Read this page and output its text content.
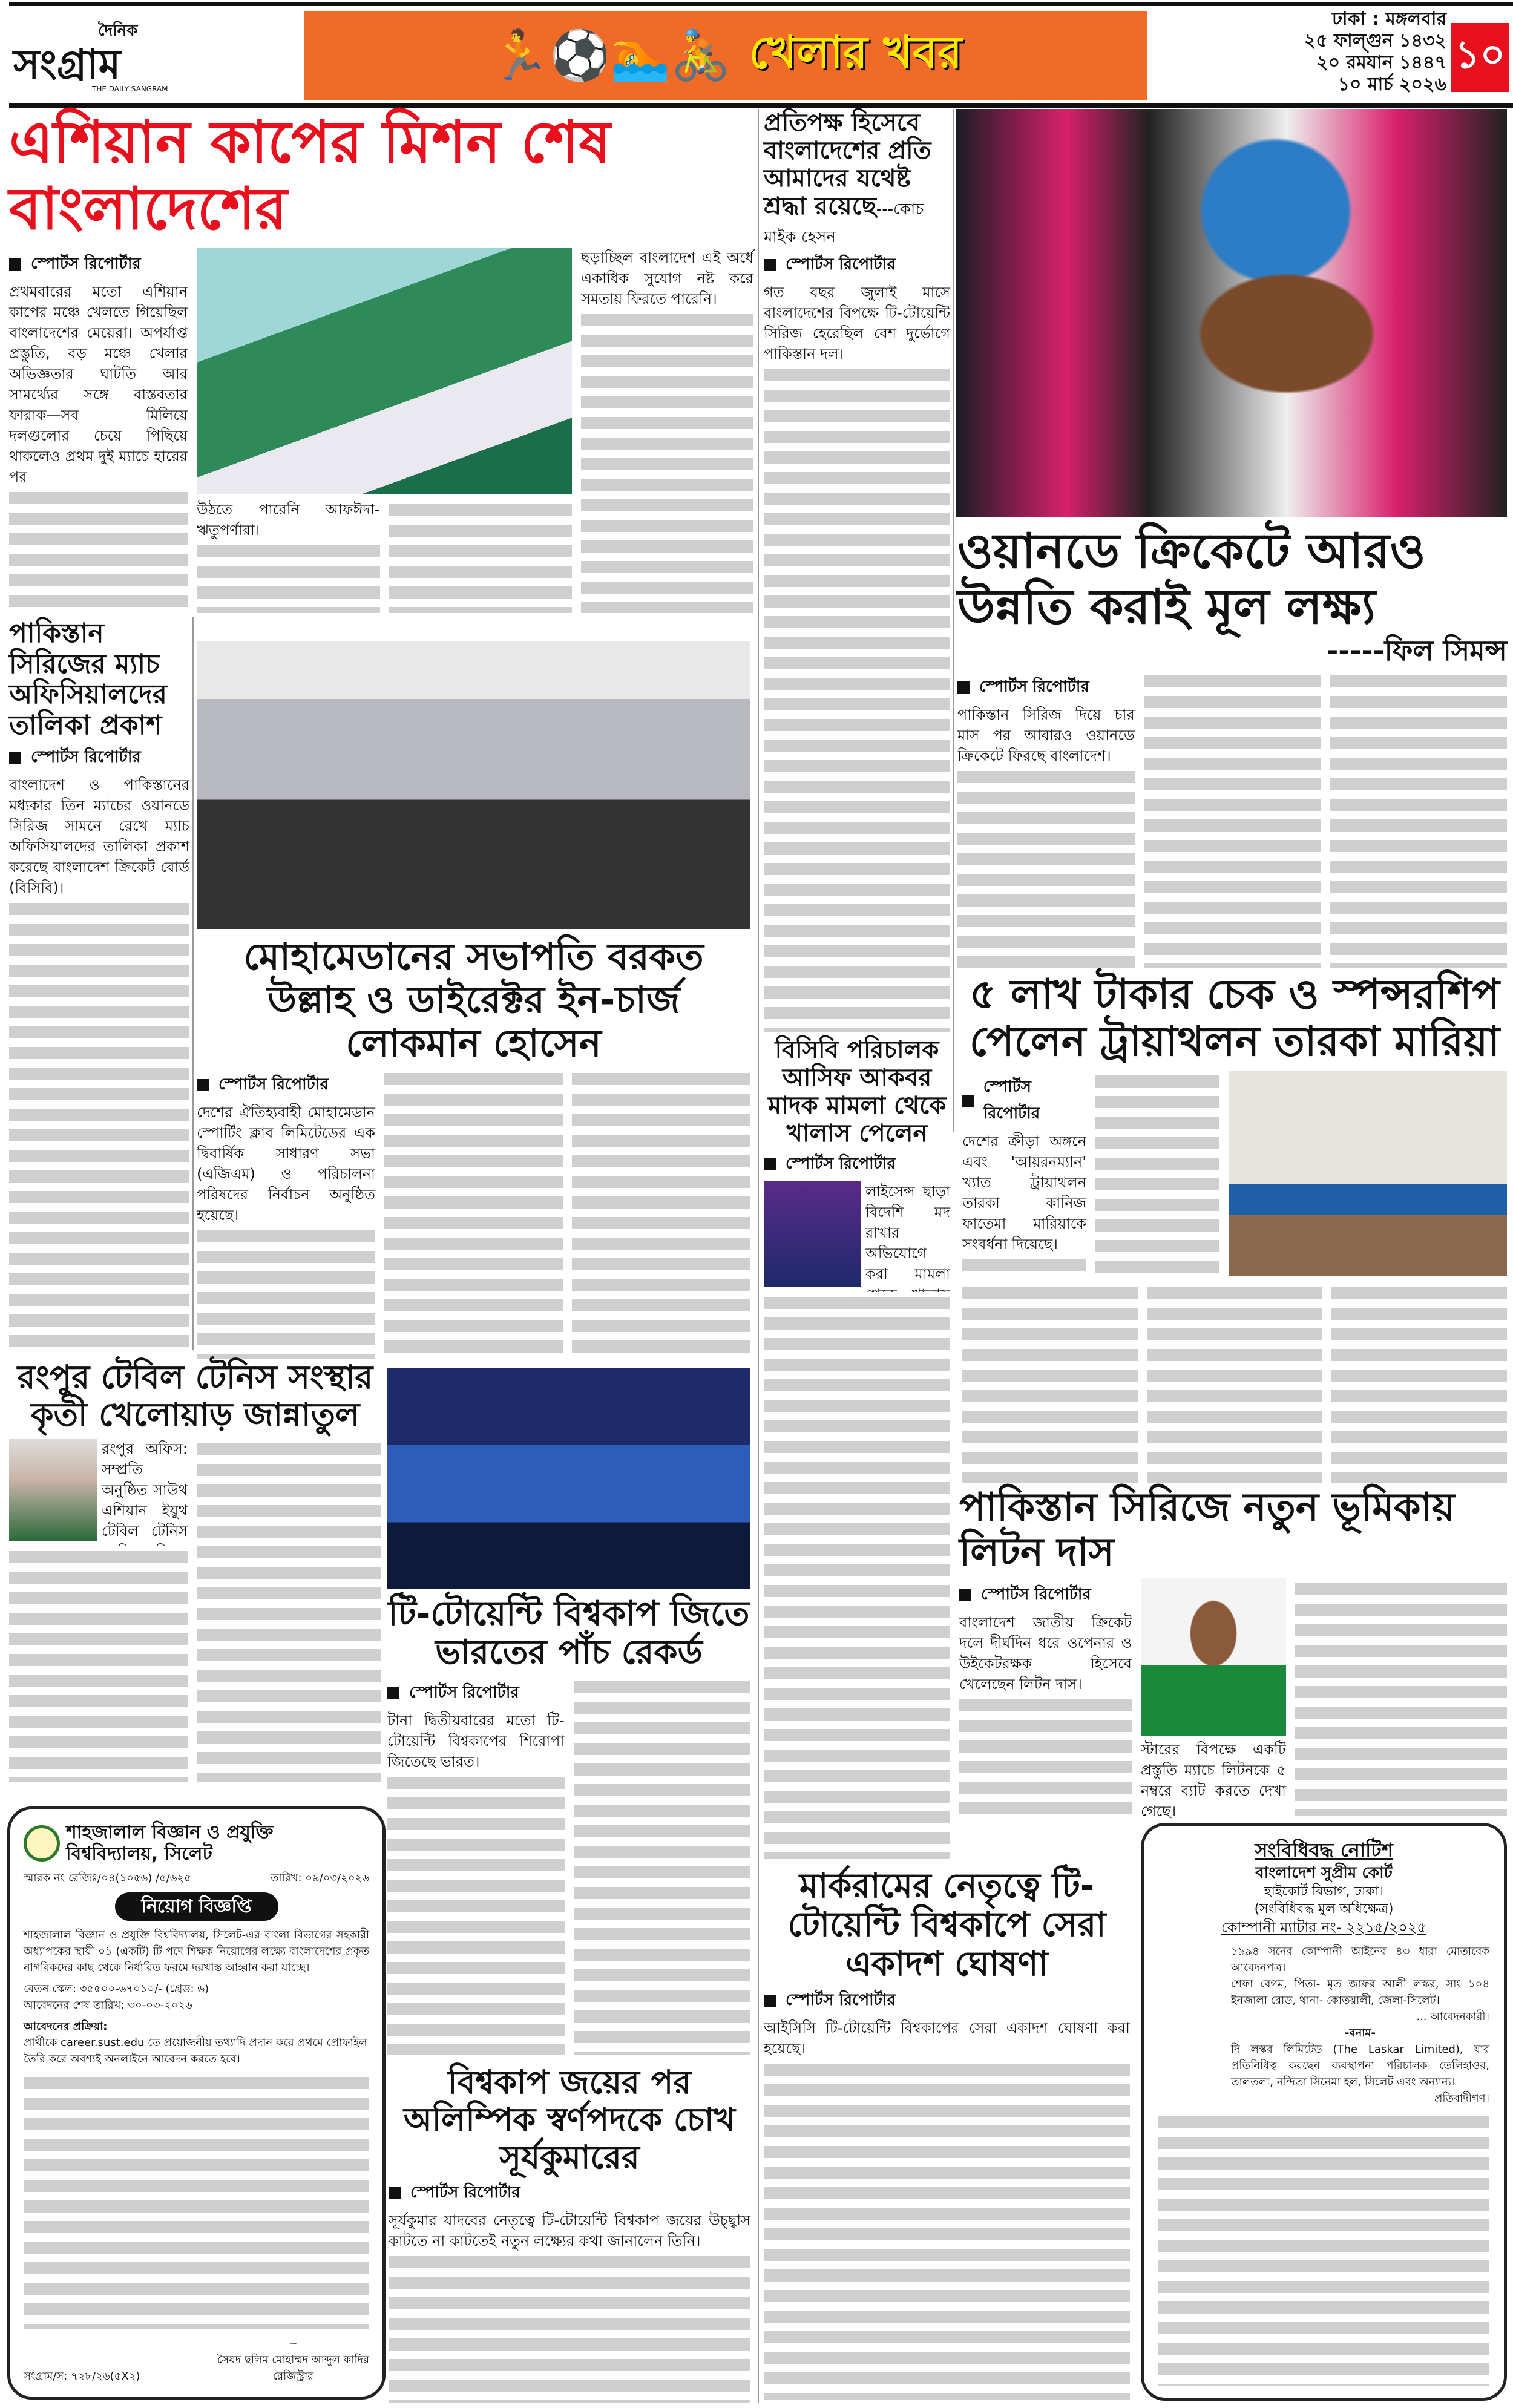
দৈনিক
সংগ্রাম
THE DAILY SANGRAM
🏃⚽🏊🚴 খেলার খবর
ঢাকা : মঙ্গলবার
২৫ ফাল্গুন ১৪৩২
২০ রমযান ১৪৪৭
১০ মার্চ ২০২৬
১০
এশিয়ান কাপের মিশন শেষ বাংলাদেশের
স্পোর্টস রিপোর্টার
প্রথমবারের মতো এশিয়ান কাপের মঞ্চে খেলতে গিয়েছিল বাংলাদেশের মেয়েরা। অপর্যাপ্ত প্রস্তুতি, বড় মঞ্চে খেলার অভিজ্ঞতার ঘাটতি আর সামর্থ্যের সঙ্গে বাস্তবতার ফারাক—সব মিলিয়ে দলগুলোর চেয়ে পিছিয়ে থাকলেও প্রথম দুই ম্যাচে হারের পর
উঠতে পারেনি আফঈদা-ঋতুপর্ণারা।
ছড়াচ্ছিল বাংলাদেশ এই অর্ধে একাধিক সুযোগ নষ্ট করে সমতায় ফিরতে পারেনি।
প্রতিপক্ষ হিসেবে বাংলাদেশের প্রতি আমাদের যথেষ্ট শ্রদ্ধা রয়েছে---কোচ মাইক হেসন
স্পোর্টস রিপোর্টার
গত বছর জুলাই মাসে বাংলাদেশের বিপক্ষে টি-টোয়েন্টি সিরিজ হেরেছিল বেশ দুর্ভোগে পাকিস্তান দল।
ওয়ানডে ক্রিকেটে আরও উন্নতি করাই মূল লক্ষ্য
-----ফিল সিমন্স
স্পোর্টস রিপোর্টার
পাকিস্তান সিরিজ দিয়ে চার মাস পর আবারও ওয়ানডে ক্রিকেটে ফিরছে বাংলাদেশ।
পাকিস্তান সিরিজের ম্যাচ অফিসিয়ালদের তালিকা প্রকাশ
স্পোর্টস রিপোর্টার
বাংলাদেশ ও পাকিস্তানের মধ্যকার তিন ম্যাচের ওয়ানডে সিরিজ সামনে রেখে ম্যাচ অফিসিয়ালদের তালিকা প্রকাশ করেছে বাংলাদেশ ক্রিকেট বোর্ড (বিসিবি)।
মোহামেডানের সভাপতি বরকত উল্লাহ ও ডাইরেক্টর ইন-চার্জ লোকমান হোসেন
স্পোর্টস রিপোর্টার
দেশের ঐতিহ্যবাহী মোহামেডান স্পোর্টিং ক্লাব লিমিটেডের এক দ্বিবার্ষিক সাধারণ সভা (এজিএম) ও পরিচালনা পরিষদের নির্বাচন অনুষ্ঠিত হয়েছে।
বিসিবি পরিচালক আসিফ আকবর মাদক মামলা থেকে খালাস পেলেন
স্পোর্টস রিপোর্টার
লাইসেন্স ছাড়া বিদেশি মদ রাখার অভিযোগে করা মামলা
৫ লাখ টাকার চেক ও স্পন্সরশিপ পেলেন ট্রায়াথলন তারকা মারিয়া
স্পোর্টস রিপোর্টার
দেশের ক্রীড়া অঙ্গনে এবং 'আয়রনম্যান' খ্যাত ট্রায়াথলন তারকা কানিজ ফাতেমা মারিয়াকে সংবর্ধনা দিয়েছে।
রংপুর টেবিল টেনিস সংস্থার কৃতী খেলোয়াড় জান্নাতুল
রংপুর অফিস: সম্প্রতি অনুষ্ঠিত সাউথ এশিয়ান ইয়ুথ টেবিল টেনিস
টি-টোয়েন্টি বিশ্বকাপ জিতে ভারতের পাঁচ রেকর্ড
স্পোর্টস রিপোর্টার
টানা দ্বিতীয়বারের মতো টি-টোয়েন্টি বিশ্বকাপের শিরোপা জিতেছে ভারত।
পাকিস্তান সিরিজে নতুন ভূমিকায় লিটন দাস
স্পোর্টস রিপোর্টার
বাংলাদেশ জাতীয় ক্রিকেট দলে দীর্ঘদিন ধরে ওপেনার ও উইকেটরক্ষক হিসেবে খেলেছেন লিটন দাস।
স্টারের বিপক্ষে একটি প্রস্তুতি ম্যাচে লিটনকে ৫ নম্বরে ব্যাট করতে দেখা গেছে।
মার্করামের নেতৃত্বে টি-টোয়েন্টি বিশ্বকাপে সেরা একাদশ ঘোষণা
স্পোর্টস রিপোর্টার
আইসিসি টি-টোয়েন্টি বিশ্বকাপের সেরা একাদশ ঘোষণা করা হয়েছে।
বিশ্বকাপ জয়ের পর অলিম্পিক স্বর্ণপদকে চোখ সূর্যকুমারের
স্পোর্টস রিপোর্টার
সূর্যকুমার যাদবের নেতৃত্বে টি-টোয়েন্টি বিশ্বকাপ জয়ের উচ্ছ্বাস কাটতে না কাটতেই নতুন লক্ষ্যের কথা জানালেন তিনি।
শাহজালাল বিজ্ঞান ও প্রযুক্তি বিশ্ববিদ্যালয়, সিলেট
স্মারক নং রেজিঃ/০৪(১০৫৬) /৫/৬২৫	তারিখ: ০৯/০৩/২০২৬
নিয়োগ বিজ্ঞপ্তি

শাহজালাল বিজ্ঞান ও প্রযুক্তি বিশ্ববিদ্যালয়, সিলেট-এর বাংলা বিভাগের সহকারী অধ্যাপকের স্থায়ী ০১ (একটি) টি পদে শিক্ষক নিয়োগের লক্ষ্যে বাংলাদেশের প্রকৃত নাগরিকদের কাছ থেকে নির্ধারিত ফরমে দরখাস্ত আহ্বান করা যাচ্ছে।

বেতন স্কেল: ৩৫৫০০-৬৭০১০/- (গ্রেড: ৬)

আবেদনের শেষ তারিখ: ৩০-০৩-২০২৬

আবেদনের প্রক্রিয়া:

প্রার্থীকে career.sust.edu তে প্রয়োজনীয় তথ্যাদি প্রদান করে প্রথমে প্রোফাইল তৈরি করে অবশ্যই অনলাইনে আবেদন করতে হবে।

সংগ্রাম/স: ৭২৮/২৬(৫X২)
~
সৈয়দ ছলিম মোহাম্মদ আব্দুল কাদির
রেজিস্ট্রার
সংবিধিবদ্ধ নোটিশ
বাংলাদেশ সুপ্রীম কোর্ট
হাইকোর্ট বিভাগ, ঢাকা।
(সংবিধিবদ্ধ মুল অধিক্ষেত্র)
কোম্পানী ম্যাটার নং- ২২১৫/২০২৫

১৯৯৪ সনের কোম্পানী আইনের ৪৩ ধারা মোতাবেক আবেদনপত্র।

শেফা বেগম, পিতা- মৃত জাফর আলী লস্কর, সাং ১০৪ ইনজালা রোড, থানা- কোতয়ালী, জেলা-সিলেট।

... আবেদনকারী।

-বনাম-

দি লস্কর লিমিটেড (The Laskar Limited), যার প্রতিনিধিত্ব করছেন ব্যবস্থাপনা পরিচালক তেলিহাওর, তালতলা, নন্দিতা সিনেমা হল, সিলেট এবং অন্যান্য।

প্রতিবাদীগণ।
